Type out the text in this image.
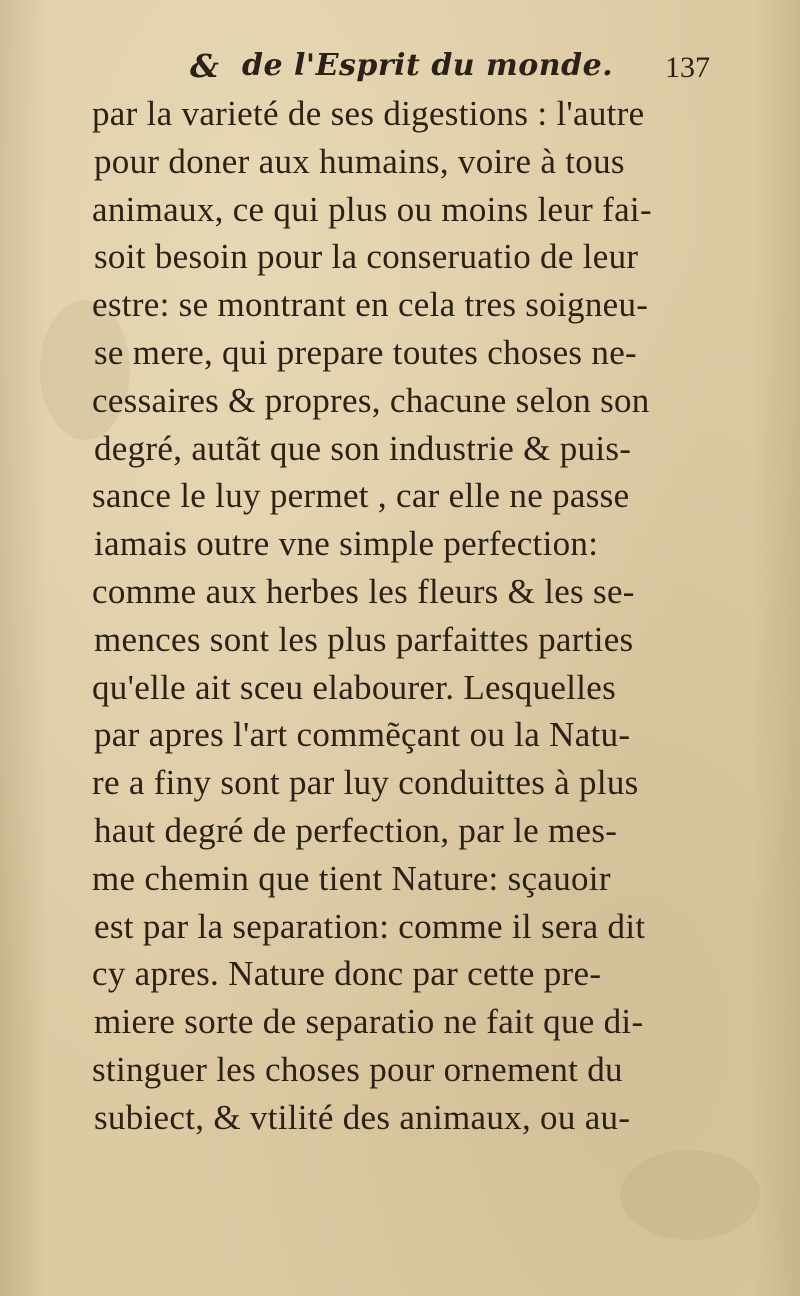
& de l'Esprit du monde. 137
par la varieté de ses digestions : l'autre
pour doner aux humains, voire à tous
animaux, ce qui plus ou moins leur fai-
soit besoin pour la conseruatio de leur
estre: se montrant en cela tres soigneu-
se mere, qui prepare toutes choses ne-
cessaires & propres, chacune selon son
degré, autãt que son industrie & puis-
sance le luy permet , car elle ne passe
iamais outre vne simple perfection:
comme aux herbes les fleurs & les se-
mences sont les plus parfaittes parties
qu'elle ait sceu elabourer. Lesquelles
par apres l'art commẽçant ou la Natu-
re a finy sont par luy conduittes à plus
haut degré de perfection, par le mes-
me chemin que tient Nature: sçauoir
est par la separation: comme il sera dit
cy apres. Nature donc par cette pre-
miere sorte de separatio ne fait que di-
stinguer les choses pour ornement du
subiect, & vtilité des animaux, ou au-
